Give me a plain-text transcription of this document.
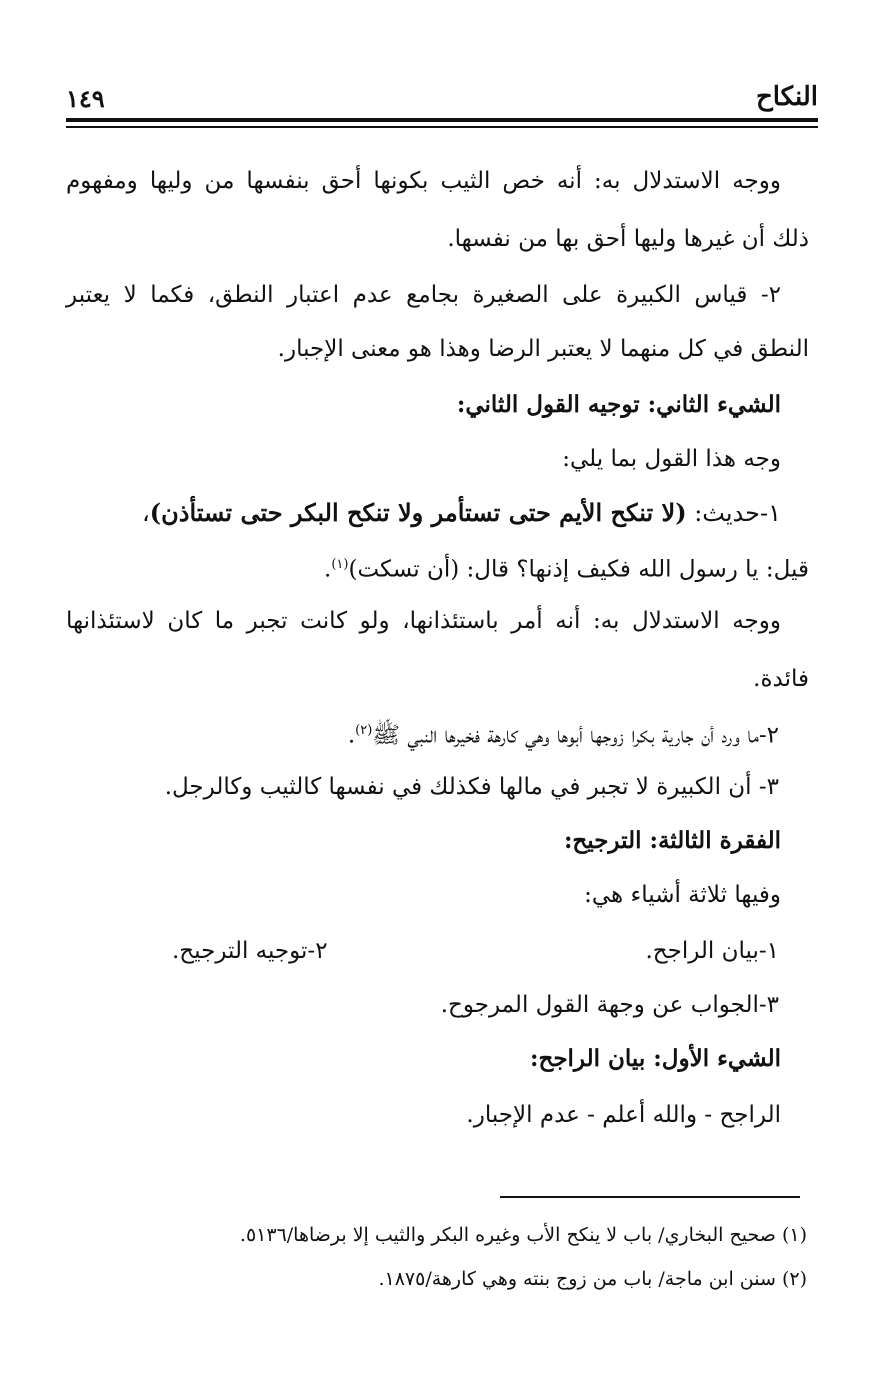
النكاح
١٤٩
ووجه الاستدلال به: أنه خص الثيب بكونها أحق بنفسها من وليها ومفهوم
ذلك أن غيرها وليها أحق بها من نفسها.
٢- قياس الكبيرة على الصغيرة بجامع عدم اعتبار النطق، فكما لا يعتبر
النطق في كل منهما لا يعتبر الرضا وهذا هو معنى الإجبار.
الشيء الثاني: توجيه القول الثاني:
وجه هذا القول بما يلي:
١-حديث: (لا تنكح الأيم حتى تستأمر ولا تنكح البكر حتى تستأذن)،
قيل: يا رسول الله فكيف إذنها؟ قال: (أن تسكت)$^{(١)}$.
ووجه الاستدلال به: أنه أمر باستئذانها، ولو كانت تجبر ما كان لاستئذانها
فائدة.
٢-ما ورد أن جارية بكرا زوجها أبوها وهي كارهة فخيرها النبي ﷺ$^{(٢)}$.
٣- أن الكبيرة لا تجبر في مالها فكذلك في نفسها كالثيب وكالرجل.
الفقرة الثالثة: الترجيح:
وفيها ثلاثة أشياء هي:
١-بيان الراجح.
٢-توجيه الترجيح.
٣-الجواب عن وجهة القول المرجوح.
الشيء الأول: بيان الراجح:
الراجح - والله أعلم - عدم الإجبار.
(١) صحيح البخاري/ باب لا ينكح الأب وغيره البكر والثيب إلا برضاها/٥١٣٦.
(٢) سنن ابن ماجة/ باب من زوج بنته وهي كارهة/١٨٧٥.
